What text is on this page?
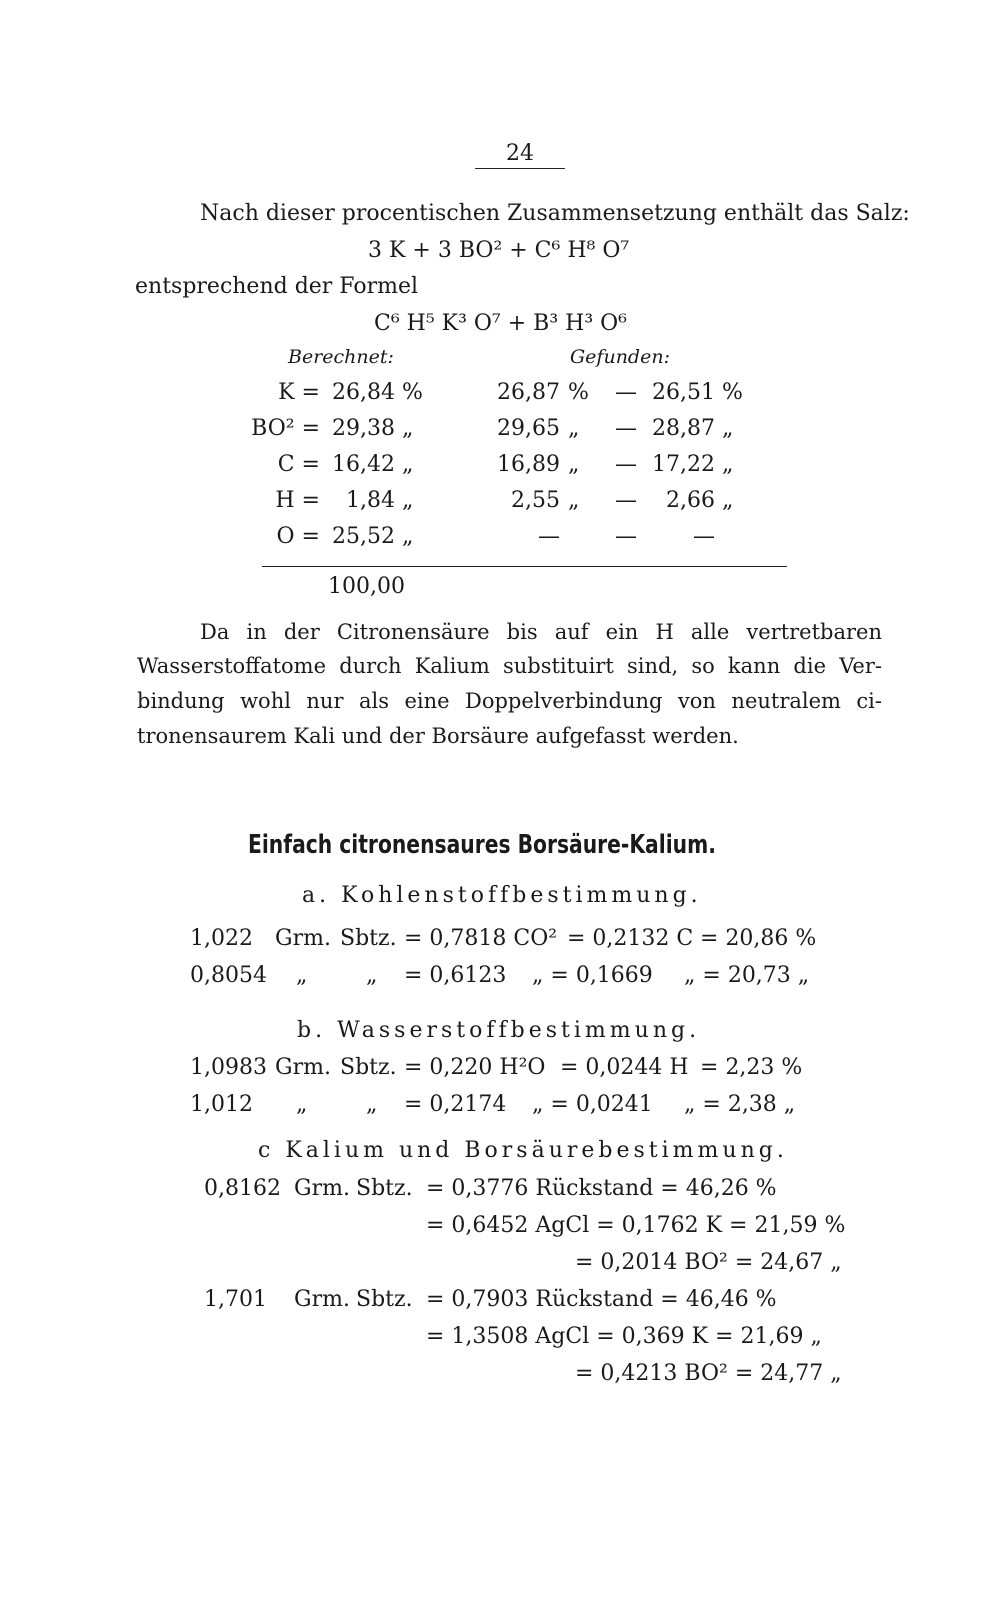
24
Nach dieser procentischen Zusammensetzung enthält das Salz:
3 K + 3 BO² + C⁶ H⁸ O⁷
entsprechend der Formel
C⁶ H⁵ K³ O⁷ + B³ H³ O⁶
Berechnet:	Gefunden:
K = 26,84 %	26,87 % — 26,51 %
BO² = 29,38 „	29,65 „ — 28,87 „
C = 16,42 „	16,89 „ — 17,22 „
H =	1,84 „	2,55 „ —	2,66 „
O = 25,52 „	—	—	—
100,00
Da in der Citronensäure bis auf ein H alle vertretbaren
Wasserstoffatome durch Kalium substituirt sind, so kann die Ver-
bindung wohl nur als eine Doppelverbindung von neutralem ci-
tronensaurem Kali und der Borsäure aufgefasst werden.
Einfach citronensaures Borsäure-Kalium.
a. Kohlenstoffbestimmung.
1,022 Grm. Sbtz. = 0,7818 CO² = 0,2132 C = 20,86 %
0,8054 „	„ = 0,6123 „ = 0,1669 „ = 20,73 „
b. Wasserstoffbestimmung.
1,0983 Grm. Sbtz. = 0,220 H²O = 0,0244 H = 2,23 %
1,012 „	„ = 0,2174 „ = 0,0241 „ = 2,38 „
c Kalium und Borsäurebestimmung.
0,8162 Grm. Sbtz. = 0,3776 Rückstand = 46,26 %
= 0,6452 AgCl = 0,1762 K = 21,59 %
= 0,2014 BO² = 24,67 „
1,701 Grm. Sbtz. = 0,7903 Rückstand = 46,46 %
= 1,3508 AgCl = 0,369 K = 21,69 „
= 0,4213 BO² = 24,77 „
